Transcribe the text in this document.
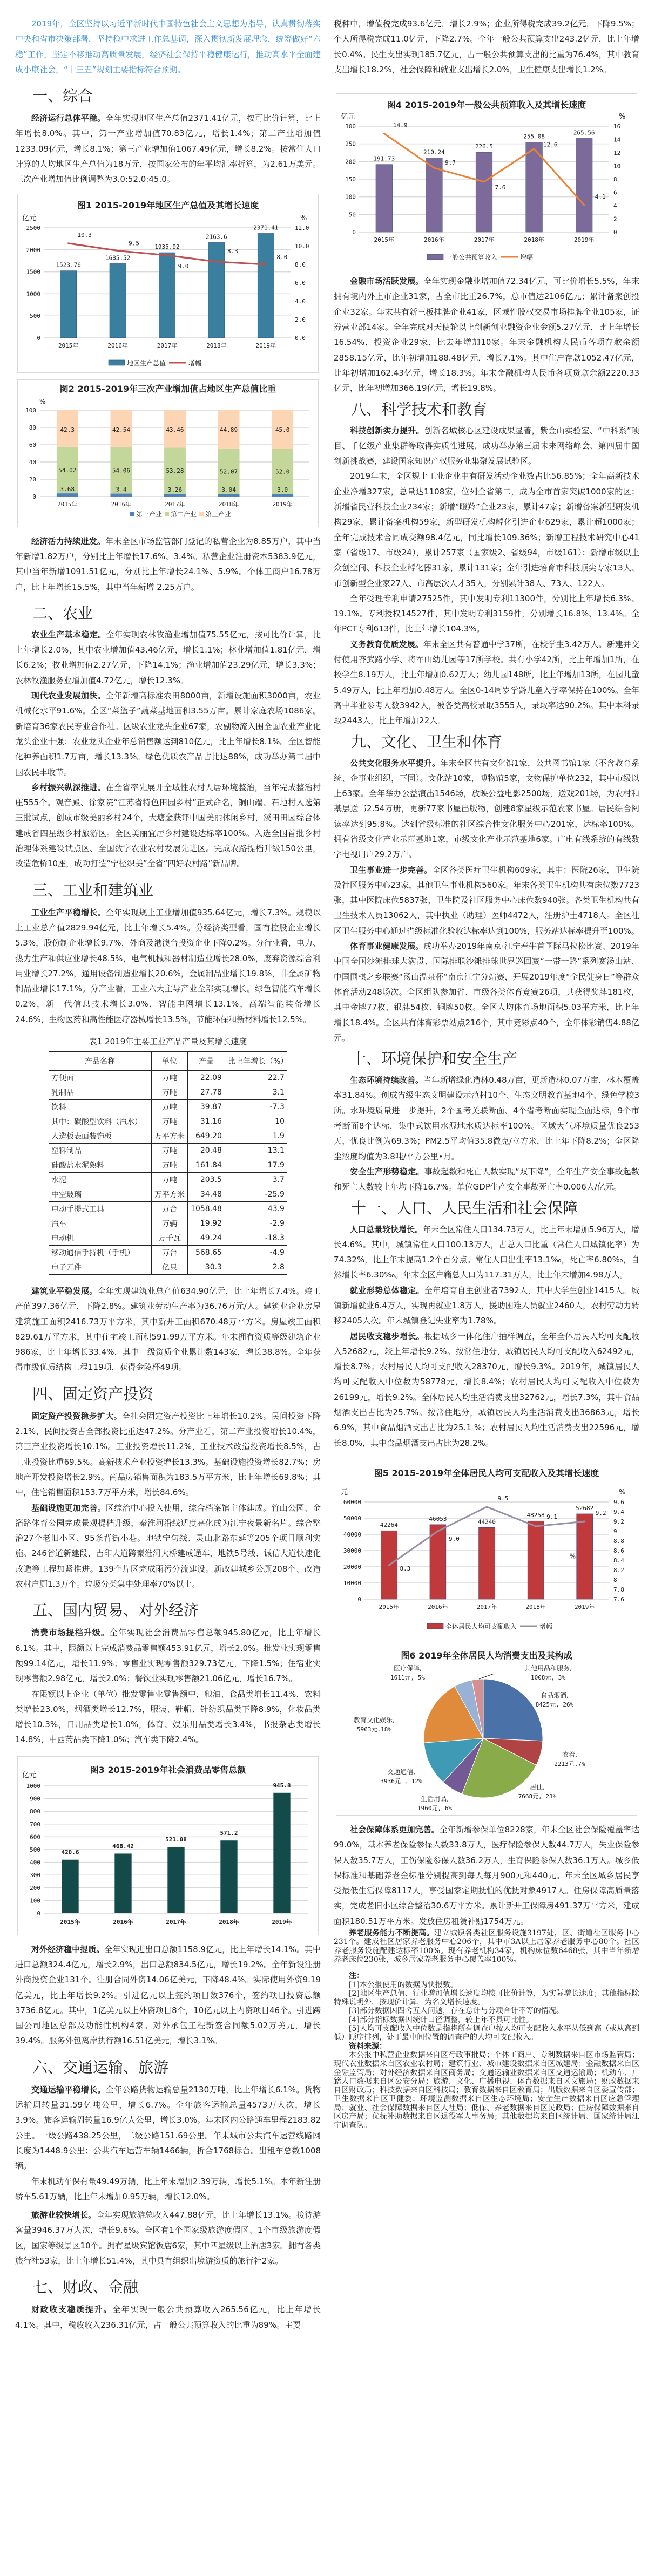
2019年，全区坚持以习近平新时代中国特色社会主义思想为指导，认真贯彻落实中央和省市决策部署，坚持稳中求进工作总基调，深入贯彻新发展理念，统筹做好“六稳”工作，坚定不移推动高质量发展，经济社会保持平稳健康运行，推动高水平全面建成小康社会，“十三五”规划主要指标符合预期。

一、综合

经济运行总体平稳。全年实现地区生产总值2371.41亿元，按可比价计算，比上年增长8.0%。其中，第一产业增加值70.83亿元，增长1.4%；第二产业增加值1233.09亿元，增长8.1%；第三产业增加值1067.49亿元，增长8.2%。按常住人口计算的人均地区生产总值为18万元，按国家公布的年平均汇率折算，为2.61万美元。三次产业增加值比例调整为3.0:52.0:45.0。

图1 2015-2019年地区生产总值及其增长速度
亿元	%
0
500
1000
1500
2000
2500
0.0
2.0
4.0
6.0
8.0
10.0
12.0
1523.76
2015年
1685.52
2016年
1935.92
2017年
2163.6
2018年
2371.41
2019年
10.3
9.5
9.0
8.3
8.0
地区生产总值	增幅
图2 2015-2019年三次产业增加值占地区生产总值比重
%
0
20
40
60
80
100
3.68
54.02
42.3
3.4
54.06
42.54
3.26
53.28
43.46
3.04
52.07
44.89
3.0
52.0
45.0
2015年	2016年	2017年	2018年	2019年
第一产业 第二产业 第三产业

经济活力持续迸发。年末全区市场监管部门登记的私营企业为8.85万户，其中当年新增1.82万户，分别比上年增长17.6%、3.4%。私营企业注册资本5383.9亿元，其中当年新增1091.51亿元，分别比上年增长24.1%、5.9%。个体工商户16.78万户，比上年增长15.5%，其中当年新增 2.25万户。

二、农业

农业生产基本稳定。全年实现农林牧渔业增加值75.55亿元，按可比价计算，比上年增长2.0%，其中农业增加值43.46亿元，增长1.1%；林业增加值1.81亿元，增长6.2%；牧业增加值2.27亿元，下降14.1%；渔业增加值23.29亿元，增长3.3%；农林牧渔服务业增加值4.72亿元，增长12.3%。

现代农业发展加快。全年新增高标准农田8000亩，新增设施面积3000亩，农业机械化水平91.6%。全区“菜篮子”蔬菜基地面积3.55万亩。累计家庭农场1086家。新培育36家农民专业合作社。区级农业龙头企业67家，农副物流入围全国农业产业化龙头企业十强；农业龙头企业年总销售额达到810亿元，比上年增长8.1%。全区智能化种养面积1.7万亩，增长13.3%。绿色优质农产品占比达88%，成功举办第二届中国农民丰收节。

乡村振兴纵深推进。在全省率先展开全域性农村人居环境整治，当年完成整治村庄555个。观音殿、徐家院“江苏省特色田园乡村”正式命名，铜山端、石地村入选第三批试点，创成市级美丽乡村24个，大塘金获评中国美丽休闲乡村，溪田田园综合体建成省四星级乡村旅游区。全区美丽宜居乡村建设达标率100%。入选全国首批乡村治理体系建设试点区、全国数字农业农村发展先进区。完成农路提档升级150公里，改造危桥10座，成功打造“宁径织美”全省“四好农村路”新品牌。

三、工业和建筑业

工业生产平稳增长。全年实现规上工业增加值935.64亿元，增长7.3%。规模以上工业总产值2829.94亿元，比上年增长5.4%。分经济类型看，国有控股企业增长5.3%，股份制企业增长9.7%，外商及港澳台投资企业下降0.2%。分行业看，电力、热力生产和供应业增长48.5%，电气机械和器材制造业增长28.0%，废弃资源综合利用业增长27.2%，通用设备制造业增长20.6%，金属制品业增长19.8%，非金属矿物制品业增长17.1%。分产业看，工业六大主导产业全部实现增长。绿色智能汽车增长0.2%，新一代信息技术增长3.0%，智能电网增长13.1%，高端智能装备增长24.6%，生物医药和高性能医疗器械增长13.5%，节能环保和新材料增长12.5%。

表1 2019年主要工业产品产量及其增长速度
产品名称	单位	产量	比上年增长（%）
方便面	万吨	22.09	22.7
乳制品	万吨	27.78	3.1
饮料	万吨	39.87	-7.3
其中：碳酸型饮料（汽水）	万吨	31.16	10
人造板表面装饰板	万平方米	649.20	1.9
塑料制品	万吨	20.48	13.1
硅酸盐水泥熟料	万吨	161.84	17.9
水泥	万吨	203.5	3.7
中空玻璃	万平方米	34.48	-25.9
电动手提式工具	万台	1058.48	43.9
汽车	万辆	19.92	-2.9
电动机	万千瓦	49.24	-18.3
移动通信手持机（手机）	万台	568.65	-4.9
电子元件	亿只	30.3	2.8

建筑业平稳发展。全年实现建筑业总产值634.90亿元，比上年增长7.4%。竣工产值397.36亿元，下降2.8%。建筑业劳动生产率为36.76万元/人。建筑业企业房屋建筑施工面积2416.73万平方米，其中新开工面积670.48万平方米。房屋竣工面积829.61万平方米，其中住宅竣工面积591.99万平方米。年末拥有资质等级建筑企业986家，比上年增长33.4%，其中一级资质企业累计数143家，增长38.8%。全年获得市级优质结构工程119项，获得金陵杯49项。

四、固定资产投资

固定资产投资稳步扩大。全社会固定资产投资比上年增长10.2%。民间投资下降2.1%，民间投资占全部投资比重达47.2%。分产业看，第二产业投资增长10.4%，第三产业投资增长10.1%。工业投资增长11.2%，工业技术改造投资增长8.5%，占工业投资比重69.5%。高新技术产业投资增长13.3%。基础设施投资增长82.7%；房地产开发投资增长2.9%。商品房销售面积为183.5万平方米，比上年增长69.8%；其中，住宅销售面积153.7万平方米，增长84.6%。

基础设施更加完善。区综治中心投入使用，综合档案馆主体建成。竹山公园、金箔路体育公园完成景观提档升级，秦淮河沿线适度亮化成为江宁夜景新名片。综合整治27个老旧小区、95条背街小巷。地铁宁句线、灵山北路东延等205个项目顺利实施。246省道新建段、吉印大道跨秦淮河大桥建成通车，地铁5号线、诚信大道快速化改造等工程加紧推进。139个片区完成雨污分流建设。新改建城乡公厕208个、改造农村户厕1.3万个。垃圾分类集中处理率70%以上。

五、国内贸易、对外经济

消费市场提档升级。全年实现社会消费品零售总额945.80亿元，比上年增长6.1%。其中，限额以上完成消费品零售额453.91亿元，增长2.0%。批发业实现零售额99.14亿元，增长11.9%；零售业实现零售额329.73亿元，下降1.5%；住宿业实现零售额2.98亿元，增长2.0%；餐饮业实现零售额21.06亿元，增长16.7%。

在限额以上企业（单位）批发零售业零售额中，粮油、食品类增长11.4%，饮料类增长23.0%，烟酒类增长12.7%，服装、鞋帽、针纺织品类下降8.9%，化妆品类增长10.3%，日用品类增长1.0%，体育、娱乐用品类增长3.4%，书报杂志类增长14.8%，中西药品类下降1.0%；汽车类下降2.4%。

图3 2015-2019年社会消费品零售总额
亿元
0
100
200
300
400
500
600
700
800
900
1000
420.6
2015年
468.42
2016年
521.08
2017年
571.2
2018年
945.8
2019年

对外经济稳中提质。全年实现进出口总额1158.9亿元，比上年增长14.1%。其中进口总额324.4亿元，增长2.9%，出口总额834.5亿元，增长19.2%。全年新设注册外商投资企业131个。注册合同外资14.06亿美元，下降48.4%。实际使用外资9.19亿美元，比上年增长9.2%。引进亿元以上签约项目数376个，签约项目投资总额3736.8亿元。其中，1亿美元以上外资项目8个，10亿元以上内资项目46个。引进跨国公司地区总部及功能性机构4家。对外承包工程新签合同额5.02万美元，增长39.4%。服务外包离岸执行额16.51亿美元，增长3.1%。

六、交通运输、旅游

交通运输平稳增长。全年公路货物运输总量2130万吨，比上年增长6.1%。货物运输周转量31.59亿吨公里，增长6.7%。全年旅客运输总量4573万人次，增长3.9%。旅客运输周转量16.9亿人公里，增长3.0%。年末区内公路通车里程2183.82公里。一级公路438.25公里，二级公路151.69公里。年末城市公共汽车运营线路网长度为1448.9公里；公共汽车运营车辆1466辆，折合1768标台。出租车总数1008辆。

年末机动车保有量49.49万辆，比上年末增加2.39万辆，增长5.1%。本年新注册轿车5.61万辆，比上年末增加0.95万辆，增长12.0%。

旅游业较快增长。全年实现旅游总收入447.88亿元，比上年增长13.1%。接待游客量3946.37万人次，增长9.6%。全区有1个国家级旅游度假区、1个市级旅游度假区，国家等级景区10个。拥有星级宾馆饭店6家，其中四星级以上酒店3家。拥有各类旅行社53家，比上年增长51.4%，其中具有组织出境游资质的旅行社2家。

七、财政、金融

财政收支稳质提升。全年实现一般公共预算收入265.56亿元，比上年增长4.1%。其中，税收收入236.31亿元，占一般公共预算收入的比重为89%。主要

税种中，增值税完成93.6亿元，增长2.9%；企业所得税完成39.2亿元，下降9.5%；个人所得税完成11.0亿元，下降2.7%。全年一般公共预算支出243.2亿元，比上年增长0.4%。民生支出实现185.7亿元，占一般公共预算支出的比重为76.4%，其中教育支出增长18.2%，社会保障和就业支出增长2.0%，卫生健康支出增长1.2%。

图4 2015-2019年一般公共预算收入及其增长速度
亿元	%
0
50
100
150
200
250
300
0
2
4
6
8
10
12
14
16
191.73
2015年
210.24
2016年
226.5
2017年
255.08
2018年
265.56
2019年
14.9
9.7
7.6
12.6
4.1
一般公共预算收入	增幅

金融市场活跃发展。全年实现金融业增加值72.34亿元，可比价增长5.5%，年末拥有境内外上市企业31家，占全市比重26.7%，总市值达2106亿元；累计备案创投企业32家。年末共有新三板挂牌企业41家，区域性股权交易市场挂牌企业105家，证券营业部14家。全年完成对天使轮以上创新创业融资企业金额5.27亿元，比上年增长16.54%，投资企业29家，比去年增加10家。年末金融机构人民币各项存款余额2858.15亿元，比年初增加188.48亿元，增长7.1%。其中住户存款1052.47亿元，比年初增加162.43亿元，增长18.3%。年末金融机构人民币各项贷款余额2220.33亿元，比年初增加366.19亿元，增长19.8%。

八、科学技术和教育

科技创新实力提升。创新名城核心区建设成果显著，紫金山实验室、“中科系”项目、千亿级产业集群等取得实质性进展，成功举办第三届未来网络峰会、第四届中国创新挑战赛，建设国家知识产权服务业集聚发展试验区。

2019年末，全区规上工业企业中有研发活动企业数占比56.85%；全年高新技术企业净增327家，总量达1108家，位列全省第二，成为全市首家突破1000家的区；新增省民营科技企业234家；新增“瞪羚”企业23家，累计47家；新增备案新型研发机构29家，累计备案机构59家，新型研发机构孵化引进企业629家，累计超1000家；全年完成技术合同成交额98.4亿元，同比增长109.36%；新增工程技术研究中心41家（省级17、市级24），累计257家（国家级2、省级94，市级161）；新增市级以上众创空间、科技企业孵化器31家，累计131家；全年引进培育市科技顶尖专家13人、市创新型企业家27人、市高层次人才35人，分别累计38人、73人、122人。

全年受理专利申请27525件，其中发明专利11300件，分别比上年增长6.3%、19.1%。专利授权14527件，其中发明专利3159件，分别增长16.8%、13.4%。全年PCT专利613件，比上年增长104.3%。

义务教育优质发展。年末全区共有普通中学37所，在校学生3.42万人。新建并交付使用齐武路小学、将军山幼儿园等17所学校。共有小学42所，比上年增加1所，在校学生8.19万人，比上年增加0.62万人；幼儿园148所，比上年增加13所，在园儿童5.49万人，比上年增加0.48万人。全区0-14周岁学龄儿童入学率保持在100%。全年高中毕业参考人数3942人，被各类高校录取3555人，录取率达90.2%。其中本科录取2443人，比上年增加22人。

九、文化、卫生和体育

公共文化服务水平提升。年末全区共有文化馆1家，公共图书馆1家（不含教育系统、企事业组织，下同）。文化站10家，博物馆5家，文物保护单位232，其中市级以上63家。全年举办公益演出1546场，放映公益电影2500场，送戏201场，为农村和基层送书2.54万册，更新77家书屋出版物，创建8家星级示范农家书屋。居民综合阅读率达到95.8%。达到省级标准的社区综合性文化服务中心201家，达标率100%。拥有省级文化产业示范基地1家，市级文化产业示范基地6家。广电有线系统的有线数字电视用户29.2万户。

卫生事业进一步完善。全区各类医疗卫生机构609家，其中：医院26家，卫生院及社区服务中心23家，其他卫生事业机构560家。年末各类卫生机构共有床位数7723张，其中医院床位5837张，卫生院及社区服务中心床位数940张。各类卫生机构共有卫生技术人员13062人，其中执业（助理）医师4472人，注册护士4718人。全区社区卫生服务中心通过省级标准化验收达标率达到100%，服务站达标率提升至100%。

体育事业健康发展。成功举办2019年南京·江宁春牛首国际马拉松比赛、2019年中国全国沙滩排球大满贯、国际排联沙滩排球世界巡回赛“一带一路”系列赛汤山站、中国围棋之乡联赛“汤山温泉杯”南京江宁分站赛，开展2019年度“全民健身日”等群众体育活动248场次。全区组队参加省、市级各类体育竞赛26项，共获得奖牌181枚，其中金牌77枚、银牌54枚、铜牌50枚。全区人均体育场地面积5.03平方米，比上年增长18.4%。全区共有体育彩票站点216个，其中竞彩点40个，全年体彩销售4.88亿元。

十、环境保护和安全生产

生态环境持续改善。当年新增绿化造林0.48万亩，更新造林0.07万亩，林木覆盖率31.84%。创成省级生态文明建设示范村10个、生态文明教育基地4个、绿色学校3所。水环境质量进一步提升，2个国考关联断面、4个省考断面实现全面达标，9个市考断面8个达标，集中式饮用水源地水质达标率100%。区域大气环境质量优良253天，优良比例为69.3%；PM2.5平均值35.8微克/立方米，比上年下降8.2%；全区降尘浓度均值为3.8吨/平方公里•月。

安全生产形势稳定。事故起数和死亡人数实现“双下降”，全年生产安全事故起数和死亡人数较上年均下降16.7%。单位GDP生产安全事故死亡率0.006人/亿元。

十一、人口、人民生活和社会保障

人口总量较快增长。年末全区常住人口134.73万人，比上年末增加5.96万人，增长4.6%。其中，城镇常住人口100.13万人，占总人口比重（常住人口城镇化率）为74.32%，比上年末提高1.2个百分点。常住人口出生率13.1‰，死亡率6.80‰，自然增长率6.30‰。年末全区户籍总人口为117.31万人，比上年末增加4.98万人。

就业形势总体稳定。全年培育自主创业者7392人，其中大学生创业1415人。城镇新增就业6.4万人，实现再就业1.8万人，援助困难人员就业2460人，农村劳动力转移2405人次。年末城镇登记失业率为1.78%。

居民收支稳步增长。根据城乡一体化住户抽样调查，全年全体居民人均可支配收入52682元，较上年增长9.2%。按常住地分，城镇居民人均可支配收入62492元，增长8.7%；农村居民人均可支配收入28370元，增长9.3%。2019年，城镇居民人均可支配收入中位数为58778元，增长8.4%；农村居民人均可支配收入中位数为26199元，增长9.2%。全体居民人均生活消费支出32762元，增长7.3%，其中食品烟酒支出占比为25.7%。按常住地分，城镇居民人均生活消费支出36863元，增长6.9%，其中食品烟酒支出占比为25.1 %；农村居民人均生活消费支出22596元，增长8.0%，其中食品烟酒支出占比为28.2%。

图5 2015-2019年全体居民人均可支配收入及其增长速度
元	%
0
10000
20000
30000
40000
50000
60000
7.6
7.8
8
8.2
8.4
8.6
8.8
9
9.2
9.4
9.6
42264
2015年
46053
2016年
44240
2017年
48258
2018年
52682
2019年
8.3
9.0
9.5
9.1
9.2
全体居民人均可支配收入	增幅
%
图6 2019年全体居民人均消费支出及其构成
食品烟酒,
8425元, 26%
衣着,
2213元,7%
居住,
7668元, 23%
生活用品,
1960元, 6%
交通通信,
3936元 , 12%
教育文化娱乐,
5963元,18%
医疗保障,
1611元, 5%
其他用品和服务,
1008元, 3%

社会保障体系更加完善。全年新增参保单位8228家，年末全区社会保险覆盖率达99.0%，基本养老保险参保人数33.8万人，医疗保险参保人数44.7万人，失业保险参保人数35.7万人，工伤保险参保人数36.2万人，生育保险参保人数36.1万人。城乡低保标准和基础养老金标准分别提高到每人每月900元和440元。年末全区城乡居民享受最低生活保障8117人，享受国家定期抚恤的优抚对象4917人。住房保障高质量落实，完成老旧小区综合整治30.6万平方米。累计新开工保障房491.37万平方米，建成面积180.51万平方米。发放住房租赁补贴1754万元。

养老服务能力不断提高。建立城镇各类社区服务设施3197处，区、街道社区服务中心231个。建成社区居家养老服务中心206个，其中市3A以上居家养老服务中心80个。社区养老服务设施配建达标率100%。现有养老机构34家，机构床位数6468张，其中当年新增养老床位230张，城乡居家养老服务中心覆盖率100%。

注：

[1]本公报使用的数据为快报数。

[2]地区生产总值、行业增加值增长速度均按可比价计算，为实际增长速度；其他指标除特殊说明外，按现价计算，为名义增长速度。

[3]部分数据因四舍五入问题，存在总计与分项合计不等的情况。

[4]部分指标数据因统计口径调整，较上年不具可比性。

[5]人均可支配收入中位数是指将所有调查户按人均可支配收入水平从低到高（或从高到低）顺序排列，处于最中间位置的调查户的人均可支配收入。

资料来源：

本公报中私营企业数据来自区行政审批局；个体工商户、专利数据来自区市场监管局；现代农业数据来自区农业农村局；建筑行业、城市建设数据来自区城建局；金融数据来自区金融监管局；对外经济数据来自区商务局；交通运输业数据来自区交通运输局；机动车、户籍人口数据来自区公安分局；旅游、文化、广播电视、体育数据来自区文旅局；财政数据来自区财政局；科技数据来自区科技局；教育数据来自区教育局；出版数据来自区委宣传部；卫生数据来自区卫健委；环境监测数据来自区生态环境局；安全生产数据来自区应急管理局；就业、社会保障数据来自区人社局；低保、养老数据来自区民政局；住房保障数据来自区房产局；优抚补助数据来自区退役军人事务局；其他数据均来自区统计局、国家统计局江宁调查队。
